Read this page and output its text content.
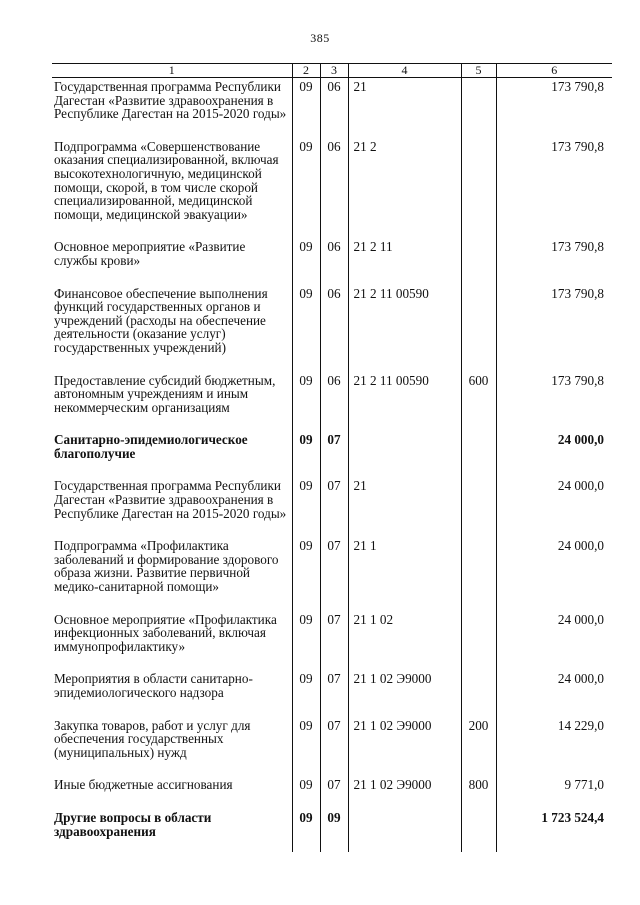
385
1	2	3	4	5	6
Государственная программа Республики Дагестан «Развитие здравоохранения в Республике Дагестан на 2015-2020 годы»	09	06	21		173 790,8
Подпрограмма «Совершенствование оказания специализированной, включая высокотехнологичную, медицинской помощи, скорой, в том числе скорой специализированной, медицинской помощи, медицинской эвакуации»	09	06	21 2		173 790,8
Основное мероприятие «Развитие службы крови»	09	06	21 2 11		173 790,8
Финансовое обеспечение выполнения функций государственных органов и учреждений (расходы на обеспечение деятельности (оказание услуг) государственных учреждений)	09	06	21 2 11 00590		173 790,8
Предоставление субсидий бюджетным, автономным учреждениям и иным некоммерческим организациям	09	06	21 2 11 00590	600	173 790,8
Санитарно-эпидемиологическое благополучие	09	07			24 000,0
Государственная программа Республики Дагестан «Развитие здравоохранения в Республике Дагестан на 2015-2020 годы»	09	07	21		24 000,0
Подпрограмма «Профилактика заболеваний и формирование здорового образа жизни. Развитие первичной медико-санитарной помощи»	09	07	21 1		24 000,0
Основное мероприятие «Профилактика инфекционных заболеваний, включая иммунопрофилактику»	09	07	21 1 02		24 000,0
Мероприятия в области санитарно-эпидемиологического надзора	09	07	21 1 02 Э9000		24 000,0
Закупка товаров, работ и услуг для обеспечения государственных (муниципальных) нужд	09	07	21 1 02 Э9000	200	14 229,0
Иные бюджетные ассигнования	09	07	21 1 02 Э9000	800	9 771,0
Другие вопросы в области здравоохранения	09	09			1 723 524,4
